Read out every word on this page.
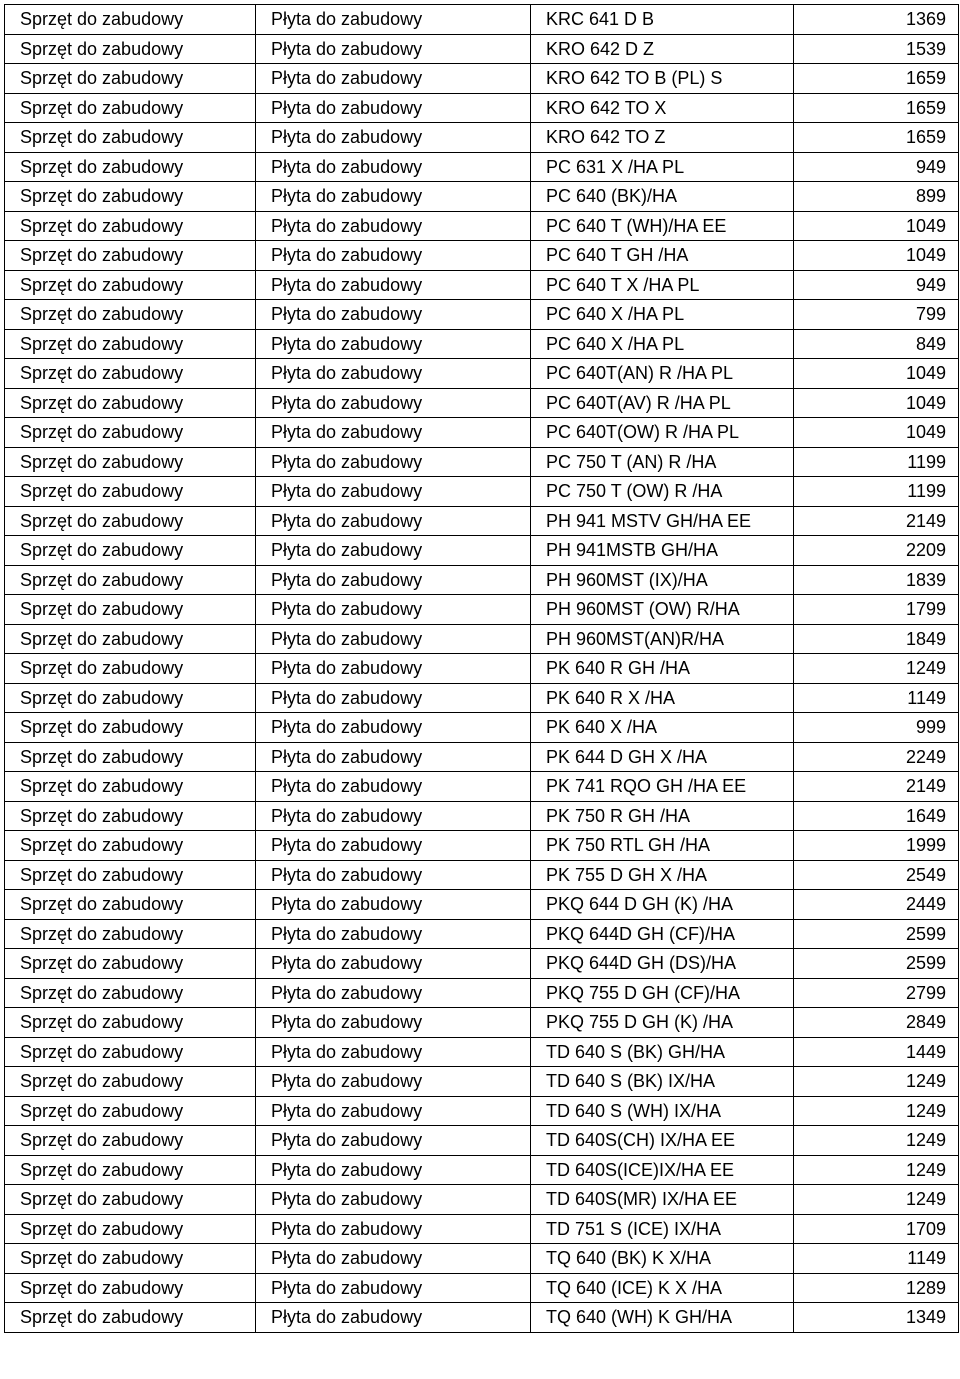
Sprzęt do zabudowy	Płyta do zabudowy	KRC 641 D B	1369
Sprzęt do zabudowy	Płyta do zabudowy	KRO 642 D Z	1539
Sprzęt do zabudowy	Płyta do zabudowy	KRO 642 TO B (PL) S	1659
Sprzęt do zabudowy	Płyta do zabudowy	KRO 642 TO X	1659
Sprzęt do zabudowy	Płyta do zabudowy	KRO 642 TO Z	1659
Sprzęt do zabudowy	Płyta do zabudowy	PC 631 X /HA PL	949
Sprzęt do zabudowy	Płyta do zabudowy	PC 640 (BK)/HA	899
Sprzęt do zabudowy	Płyta do zabudowy	PC 640 T (WH)/HA EE	1049
Sprzęt do zabudowy	Płyta do zabudowy	PC 640 T GH /HA	1049
Sprzęt do zabudowy	Płyta do zabudowy	PC 640 T X /HA PL	949
Sprzęt do zabudowy	Płyta do zabudowy	PC 640 X /HA PL	799
Sprzęt do zabudowy	Płyta do zabudowy	PC 640 X /HA PL	849
Sprzęt do zabudowy	Płyta do zabudowy	PC 640T(AN) R /HA PL	1049
Sprzęt do zabudowy	Płyta do zabudowy	PC 640T(AV) R /HA PL	1049
Sprzęt do zabudowy	Płyta do zabudowy	PC 640T(OW) R /HA PL	1049
Sprzęt do zabudowy	Płyta do zabudowy	PC 750 T (AN) R /HA	1199
Sprzęt do zabudowy	Płyta do zabudowy	PC 750 T (OW) R /HA	1199
Sprzęt do zabudowy	Płyta do zabudowy	PH 941 MSTV GH/HA EE	2149
Sprzęt do zabudowy	Płyta do zabudowy	PH 941MSTB GH/HA	2209
Sprzęt do zabudowy	Płyta do zabudowy	PH 960MST (IX)/HA	1839
Sprzęt do zabudowy	Płyta do zabudowy	PH 960MST (OW) R/HA	1799
Sprzęt do zabudowy	Płyta do zabudowy	PH 960MST(AN)R/HA	1849
Sprzęt do zabudowy	Płyta do zabudowy	PK 640 R GH /HA	1249
Sprzęt do zabudowy	Płyta do zabudowy	PK 640 R X /HA	1149
Sprzęt do zabudowy	Płyta do zabudowy	PK 640 X /HA	999
Sprzęt do zabudowy	Płyta do zabudowy	PK 644 D GH X /HA	2249
Sprzęt do zabudowy	Płyta do zabudowy	PK 741 RQO GH /HA EE	2149
Sprzęt do zabudowy	Płyta do zabudowy	PK 750 R GH /HA	1649
Sprzęt do zabudowy	Płyta do zabudowy	PK 750 RTL GH /HA	1999
Sprzęt do zabudowy	Płyta do zabudowy	PK 755 D GH X /HA	2549
Sprzęt do zabudowy	Płyta do zabudowy	PKQ 644 D GH (K) /HA	2449
Sprzęt do zabudowy	Płyta do zabudowy	PKQ 644D GH (CF)/HA	2599
Sprzęt do zabudowy	Płyta do zabudowy	PKQ 644D GH (DS)/HA	2599
Sprzęt do zabudowy	Płyta do zabudowy	PKQ 755 D GH (CF)/HA	2799
Sprzęt do zabudowy	Płyta do zabudowy	PKQ 755 D GH (K) /HA	2849
Sprzęt do zabudowy	Płyta do zabudowy	TD 640 S (BK) GH/HA	1449
Sprzęt do zabudowy	Płyta do zabudowy	TD 640 S (BK) IX/HA	1249
Sprzęt do zabudowy	Płyta do zabudowy	TD 640 S (WH) IX/HA	1249
Sprzęt do zabudowy	Płyta do zabudowy	TD 640S(CH) IX/HA EE	1249
Sprzęt do zabudowy	Płyta do zabudowy	TD 640S(ICE)IX/HA EE	1249
Sprzęt do zabudowy	Płyta do zabudowy	TD 640S(MR) IX/HA EE	1249
Sprzęt do zabudowy	Płyta do zabudowy	TD 751 S (ICE) IX/HA	1709
Sprzęt do zabudowy	Płyta do zabudowy	TQ 640 (BK) K X/HA	1149
Sprzęt do zabudowy	Płyta do zabudowy	TQ 640 (ICE) K X /HA	1289
Sprzęt do zabudowy	Płyta do zabudowy	TQ 640 (WH) K GH/HA	1349
